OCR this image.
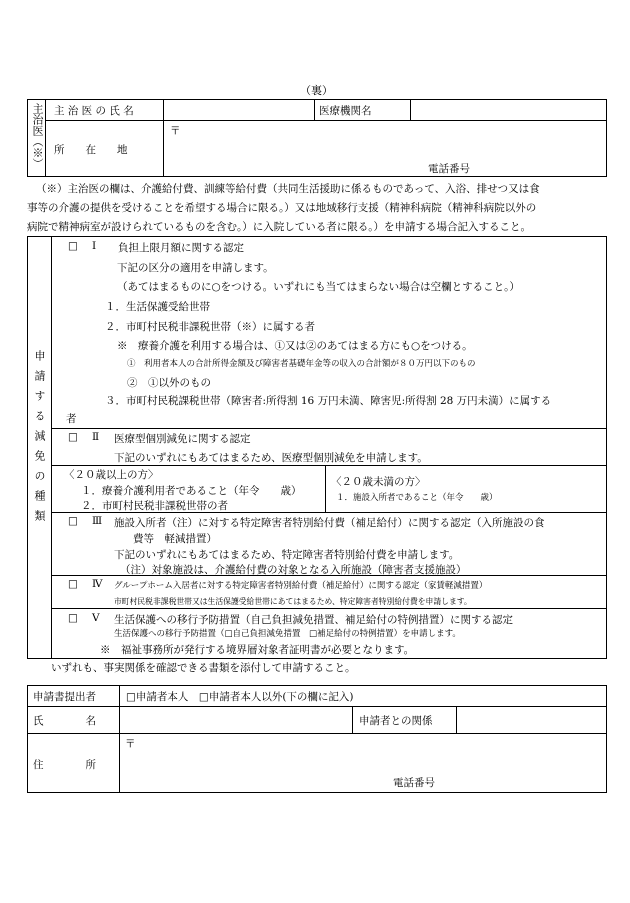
（裏）
主治医（※） 主 治 医 の 氏 名	医療機関名
所　　在　　地
〒
電話番号
（※）主治医の欄は、介護給付費、訓練等給付費（共同生活援助に係るものであって、入浴、排せつ又は食
事等の介護の提供を受けることを希望する場合に限る。）又は地域移行支援（精神科病院（精神科病院以外の
病院で精神病室が設けられているものを含む。）に入院している者に限る。）を申請する場合記入すること。
申請する減免の種類
□ Ⅰ 負担上限月額に関する認定
下記の区分の適用を申請します。
（あてはまるものに○をつける。いずれにも当てはまらない場合は空欄とすること。）
１．生活保護受給世帯
２．市町村民税非課税世帯（※）に属する者
※　療養介護を利用する場合は、①又は②のあてはまる方にも○をつける。
①　利用者本人の合計所得金額及び障害者基礎年金等の収入の合計額が８０万円以下のもの
②　①以外のもの
３．市町村民税課税世帯（障害者:所得割 16 万円未満、障害児:所得割 28 万円未満）に属する
者
□ Ⅱ 医療型個別減免に関する認定
下記のいずれにもあてはまるため、医療型個別減免を申請します。
〈２０歳以上の方〉
１．療養介護利用者であること（年令　　歳）
２．市町村民税非課税世帯の者
〈２０歳未満の方〉
１．施設入所者であること（年令　　歳）
□ Ⅲ 施設入所者（注）に対する特定障害者特別給付費（補足給付）に関する認定（入所施設の食
費等　軽減措置）
下記のいずれにもあてはまるため、特定障害者特別給付費を申請します。
（注）対象施設は、介護給付費の対象となる入所施設（障害者支援施設）
□ Ⅳ グループホーム入居者に対する特定障害者特別給付費（補足給付）に関する認定（家賃軽減措置）
市町村民税非課税世帯又は生活保護受給世帯にあてはまるため、特定障害者特別給付費を申請します。
□ Ⅴ 生活保護への移行予防措置（自己負担減免措置、補足給付の特例措置）に関する認定
生活保護への移行予防措置（□自己負担減免措置　□補足給付の特例措置）を申請します。
※　福祉事務所が発行する境界層対象者証明書が必要となります。
いずれも、事実関係を確認できる書類を添付して申請すること。
申請書提出者	□申請者本人　□申請者本人以外(下の欄に記入)
氏　　　　名	申請者との関係
住　　　　所
〒
電話番号
